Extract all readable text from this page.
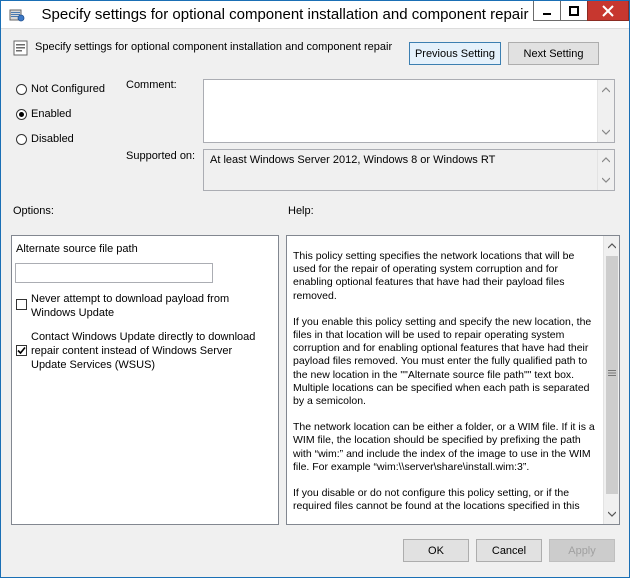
Specify settings for optional component installation and component repair
Specify settings for optional component installation and component repair
Previous Setting	Next Setting
Not Configured
Enabled
Disabled
Comment:
Supported on:	At least Windows Server 2012, Windows 8 or Windows RT
Options:	Help:
Alternate source file path
Never attempt to download payload from
Windows Update
Contact Windows Update directly to download
repair content instead of Windows Server
Update Services (WSUS)

This policy setting specifies the network locations that will be used for the repair of operating system corruption and for enabling optional features that have had their payload files removed.

If you enable this policy setting and specify the new location, the files in that location will be used to repair operating system corruption and for enabling optional features that have had their payload files removed. You must enter the fully qualified path to the new location in the ""Alternate source file path"" text box. Multiple locations can be specified when each path is separated by a semicolon.

The network location can be either a folder, or a WIM file. If it is a WIM file, the location should be specified by prefixing the path with “wim:” and include the index of the image to use in the WIM file. For example “wim:\\server\share\install.wim:3”.

If you disable or do not configure this policy setting, or if the required files cannot be found at the locations specified in this

OK	Cancel	Apply
